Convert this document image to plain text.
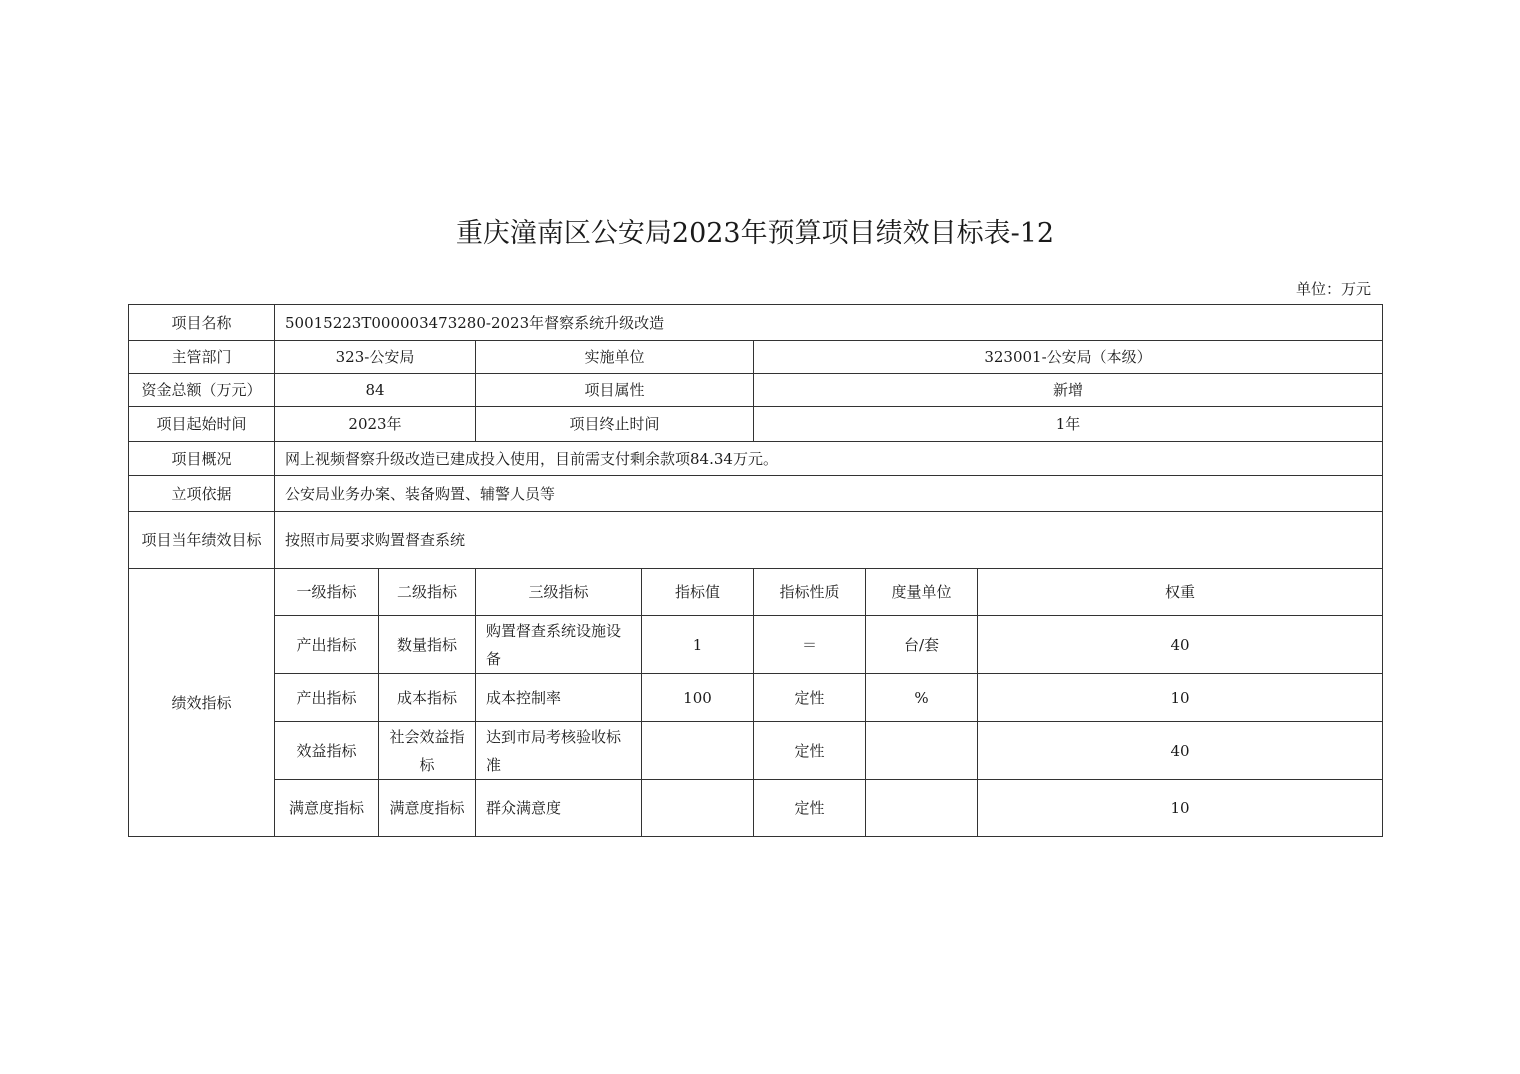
重庆潼南区公安局2023年预算项目绩效目标表-12
单位：万元
项目名称	50015223T000003473280-2023年督察系统升级改造						
主管部门	323-公安局		实施单位		323001-公安局（本级）		
资金总额（万元）	84		项目属性		新增		
项目起始时间	2023年		项目终止时间		1年		
项目概况	网上视频督察升级改造已建成投入使用，目前需支付剩余款项84.34万元。						
立项依据	公安局业务办案、装备购置、辅警人员等						
项目当年绩效目标	按照市局要求购置督查系统						
绩效指标	一级指标	二级指标	三级指标	指标值	指标性质	度量单位	权重
	产出指标	数量指标	购置督查系统设施设备	1	＝	台/套	40
	产出指标	成本指标	成本控制率	100	定性	%	10
	效益指标	社会效益指标	达到市局考核验收标准		定性		40
	满意度指标	满意度指标	群众满意度		定性		10
